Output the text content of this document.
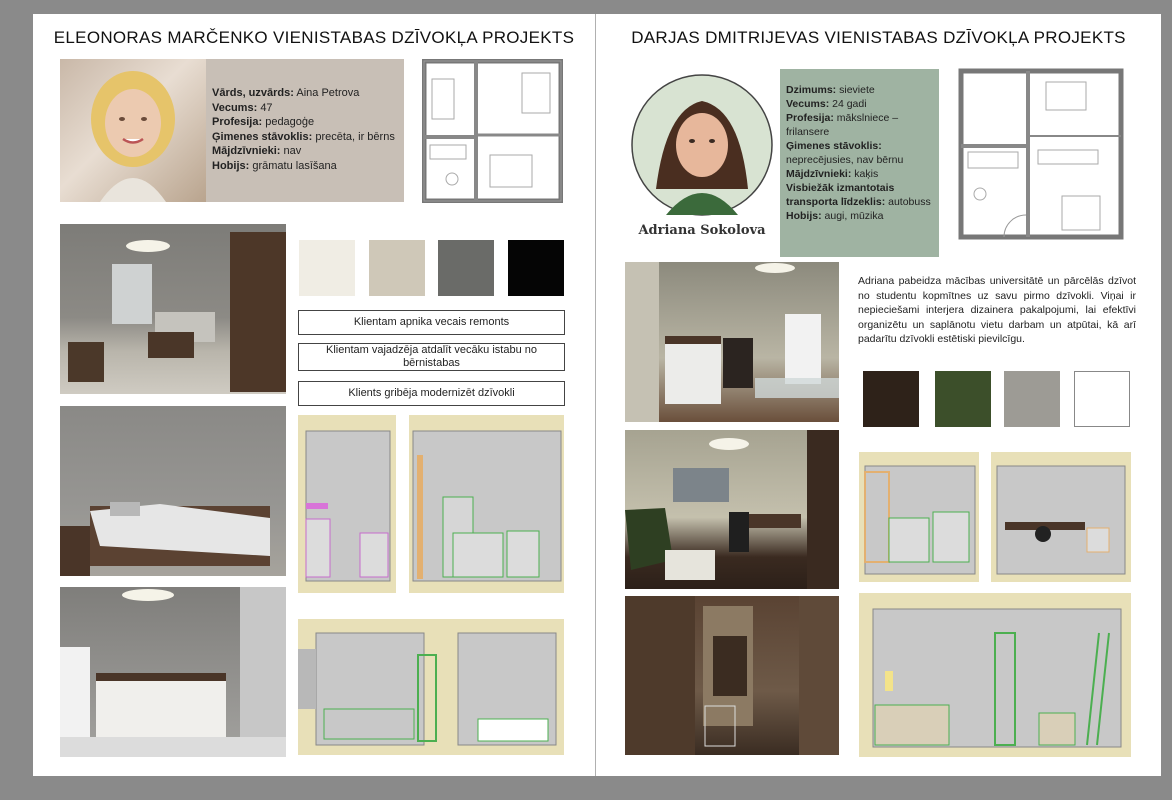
ELEONORAS MARČENKO VIENISTABAS DZĪVOKĻA PROJEKTS
Vārds, uzvārds: Aina Petrova
Vecums: 47
Profesija: pedagoģe
Ģimenes stāvoklis: precēta, ir bērns
Mājdzīvnieki: nav
Hobijs: grāmatu lasīšana
Klientam apnika vecais remonts
Klientam vajadzēja atdalīt vecāku istabu no bērnistabas
Klients gribēja modernizēt dzīvokli
DARJAS DMITRIJEVAS VIENISTABAS DZĪVOKĻA PROJEKTS
Adriana Sokolova
Dzimums: sieviete
Vecums: 24 gadi
Profesija: mākslniece – frilansere
Ģimenes stāvoklis: neprecējusies, nav bērnu
Mājdzīvnieki: kaķis
Visbiežāk izmantotais transporta līdzeklis: autobuss
Hobijs: augi, mūzika
Adriana pabeidza mācības universitātē un pārcēlās dzīvot no studentu kopmītnes uz savu pirmo dzīvokli. Viņai ir nepieciešami interjera dizainera pakalpojumi, lai efektīvi organizētu un saplānotu vietu darbam un atpūtai, kā arī padarītu dzīvokli estētiski pievilcīgu.
